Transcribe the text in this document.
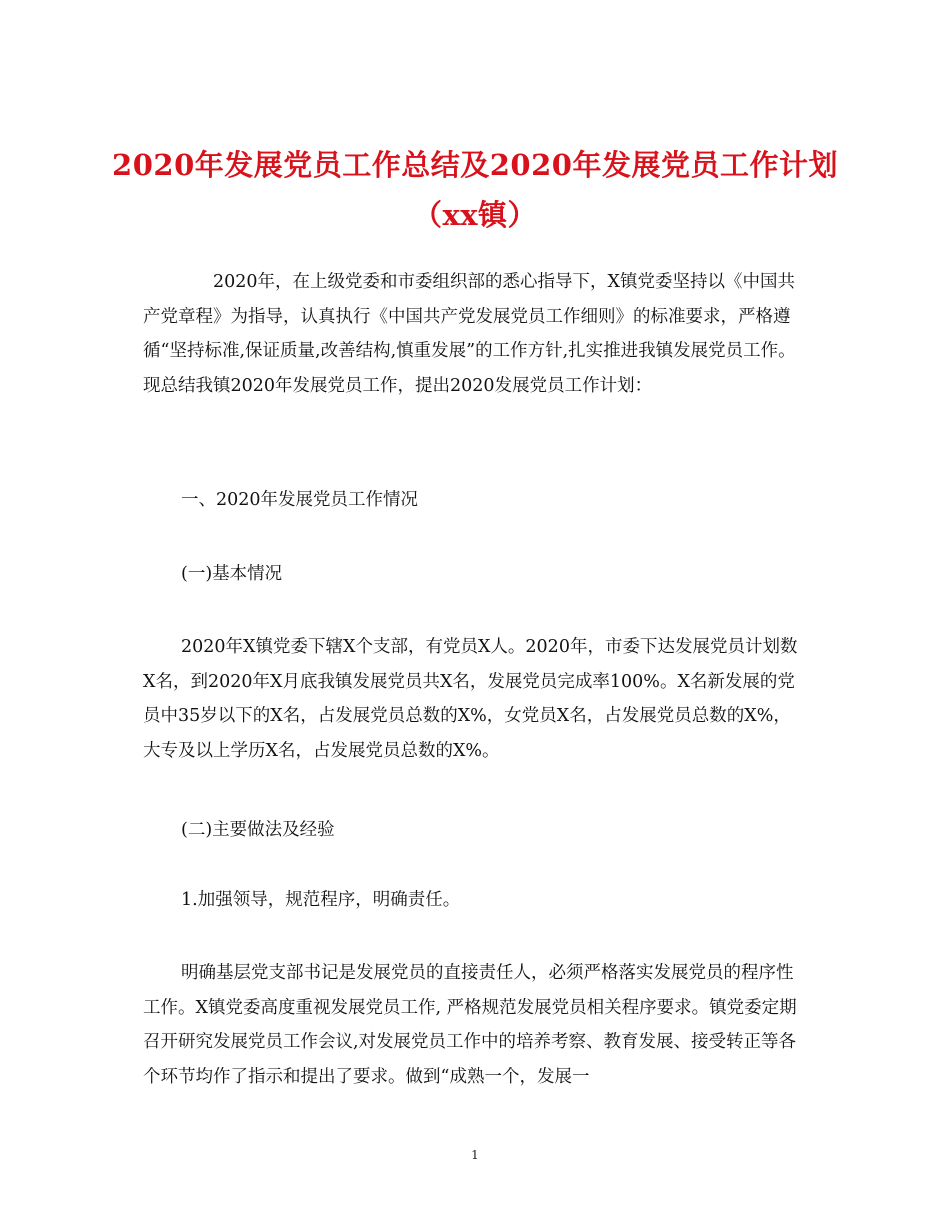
2020年发展党员工作总结及2020年发展党员工作计划
（xx镇）

2020年，在上级党委和市委组织部的悉心指导下，X镇党委坚持以《中国共产党章程》为指导，认真执行《中国共产党发展党员工作细则》的标准要求，严格遵循“坚持标准,保证质量,改善结构,慎重发展”的工作方针,扎实推进我镇发展党员工作。现总结我镇2020年发展党员工作，提出2020发展党员工作计划：

一、2020年发展党员工作情况

(一)基本情况

2020年X镇党委下辖X个支部，有党员X人。2020年，市委下达发展党员计划数X名，到2020年X月底我镇发展党员共X名，发展党员完成率100%。X名新发展的党员中35岁以下的X名，占发展党员总数的X%，女党员X名，占发展党员总数的X%，大专及以上学历X名，占发展党员总数的X%。

(二)主要做法及经验

1.加强领导，规范程序，明确责任。

明确基层党支部书记是发展党员的直接责任人，必须严格落实发展党员的程序性工作。X镇党委高度重视发展党员工作, 严格规范发展党员相关程序要求。镇党委定期召开研究发展党员工作会议,对发展党员工作中的培养考察、教育发展、接受转正等各个环节均作了指示和提出了要求。做到“成熟一个，发展一

1
